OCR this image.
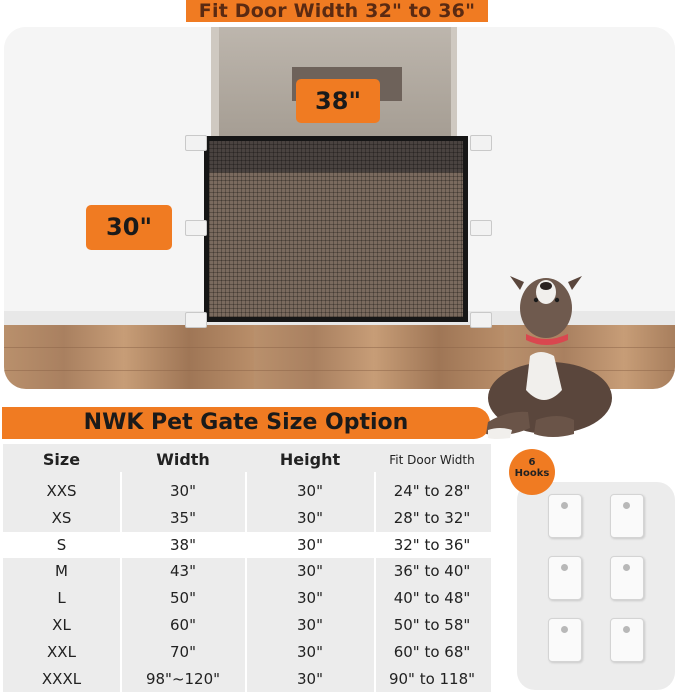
Fit Door Width 32" to 36"
38"
30"
NWK Pet Gate Size Option
Size	Width	Height	Fit Door Width
XXS	30"	30"	24" to 28"
XS	35"	30"	28" to 32"
S	38"	30"	32" to 36"
M	43"	30"	36" to 40"
L	50"	30"	40" to 48"
XL	60"	30"	50" to 58"
XXL	70"	30"	60" to 68"
XXXL	98"~120"	30"	90" to 118"
6
Hooks
